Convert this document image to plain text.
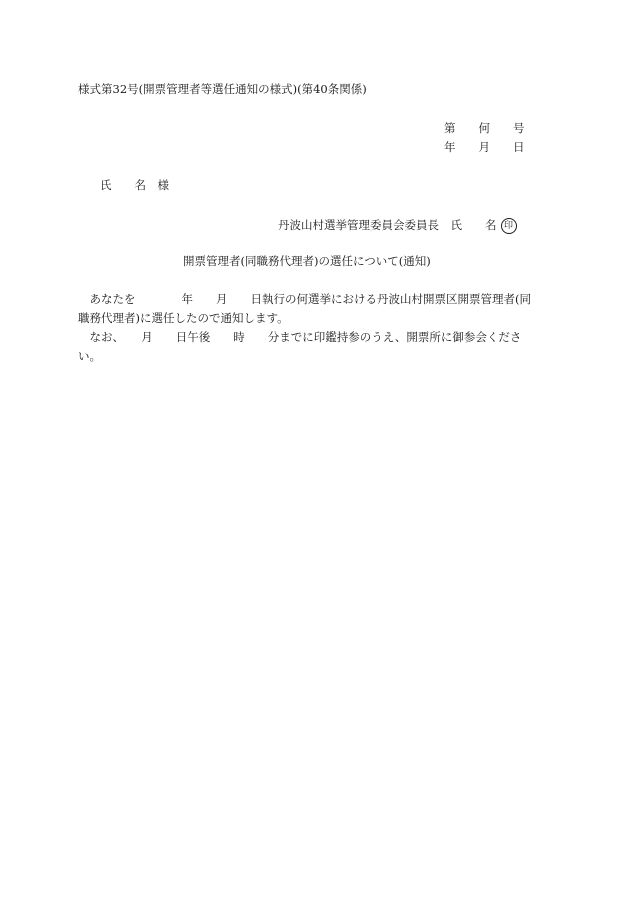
様式第32号(開票管理者等選任通知の様式)(第40条関係)
第　　何　　号
年　　月　　日
氏　　名　様
丹波山村選挙管理委員会委員長　氏　　名 印
開票管理者(同職務代理者)の選任について(通知)
　あなたを　　　　年　　月　　日執行の何選挙における丹波山村開票区開票管理者(同
職務代理者)に選任したので通知します。
　なお、　　月　　日午後　　時　　分までに印鑑持参のうえ、開票所に御参会くださ
い。
